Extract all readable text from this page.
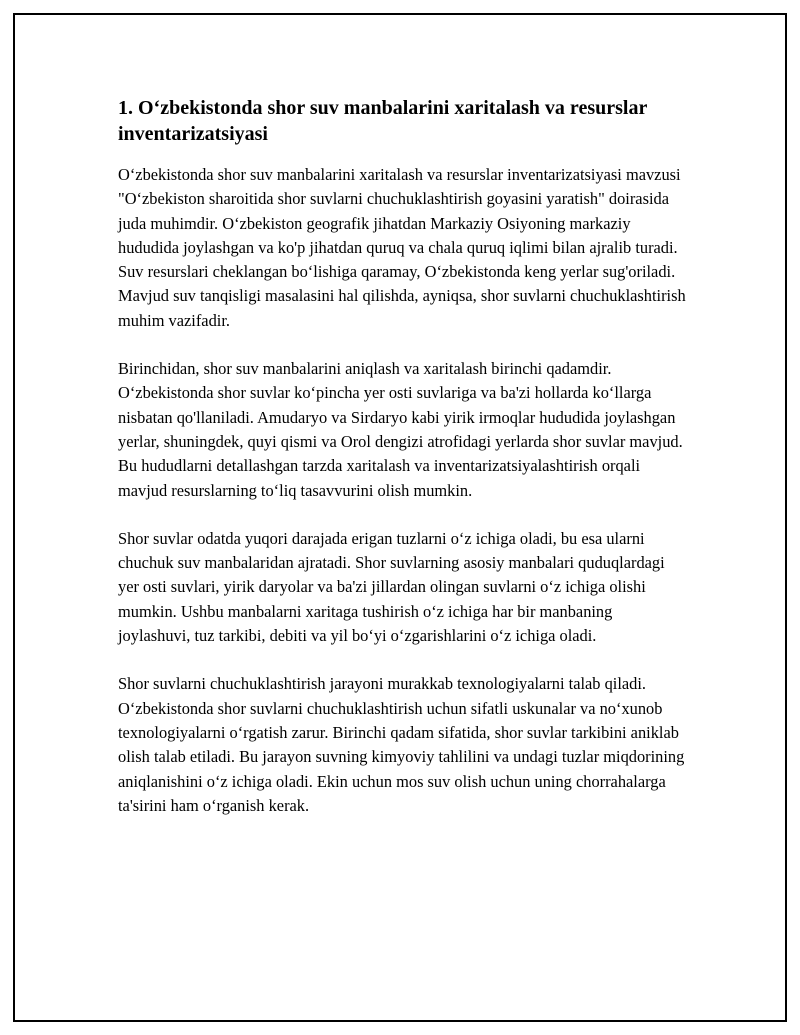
1. O‘zbekistonda shor suv manbalarini xaritalash va resurslar inventarizatsiyasi

O‘zbekistonda shor suv manbalarini xaritalash va resurslar inventarizatsiyasi mavzusi "O‘zbekiston sharoitida shor suvlarni chuchuklashtirish goyasini yaratish" doirasida juda muhimdir. O‘zbekiston geografik jihatdan Markaziy Osiyoning markaziy hududida joylashgan va ko'p jihatdan quruq va chala quruq iqlimi bilan ajralib turadi. Suv resurslari cheklangan bo‘lishiga qaramay, O‘zbekistonda keng yerlar sug'oriladi. Mavjud suv tanqisligi masalasini hal qilishda, ayniqsa, shor suvlarni chuchuklashtirish muhim vazifadir.

Birinchidan, shor suv manbalarini aniqlash va xaritalash birinchi qadamdir. O‘zbekistonda shor suvlar ko‘pincha yer osti suvlariga va ba'zi hollarda ko‘llarga nisbatan qo'llaniladi. Amudaryo va Sirdaryo kabi yirik irmoqlar hududida joylashgan yerlar, shuningdek, quyi qismi va Orol dengizi atrofidagi yerlarda shor suvlar mavjud. Bu hududlarni detallashgan tarzda xaritalash va inventarizatsiyalashtirish orqali mavjud resurslarning to‘liq tasavvurini olish mumkin.

Shor suvlar odatda yuqori darajada erigan tuzlarni o‘z ichiga oladi, bu esa ularni chuchuk suv manbalaridan ajratadi. Shor suvlarning asosiy manbalari quduqlardagi yer osti suvlari, yirik daryolar va ba'zi jillardan olingan suvlarni o‘z ichiga olishi mumkin. Ushbu manbalarni xaritaga tushirish o‘z ichiga har bir manbaning joylashuvi, tuz tarkibi, debiti va yil bo‘yi o‘zgarishlarini o‘z ichiga oladi.

Shor suvlarni chuchuklashtirish jarayoni murakkab texnologiyalarni talab qiladi. O‘zbekistonda shor suvlarni chuchuklashtirish uchun sifatli uskunalar va no‘xunob texnologiyalarni o‘rgatish zarur. Birinchi qadam sifatida, shor suvlar tarkibini aniklab olish talab etiladi. Bu jarayon suvning kimyoviy tahlilini va undagi tuzlar miqdorining aniqlanishini o‘z ichiga oladi. Ekin uchun mos suv olish uchun uning chorrahalarga ta'sirini ham o‘rganish kerak.
